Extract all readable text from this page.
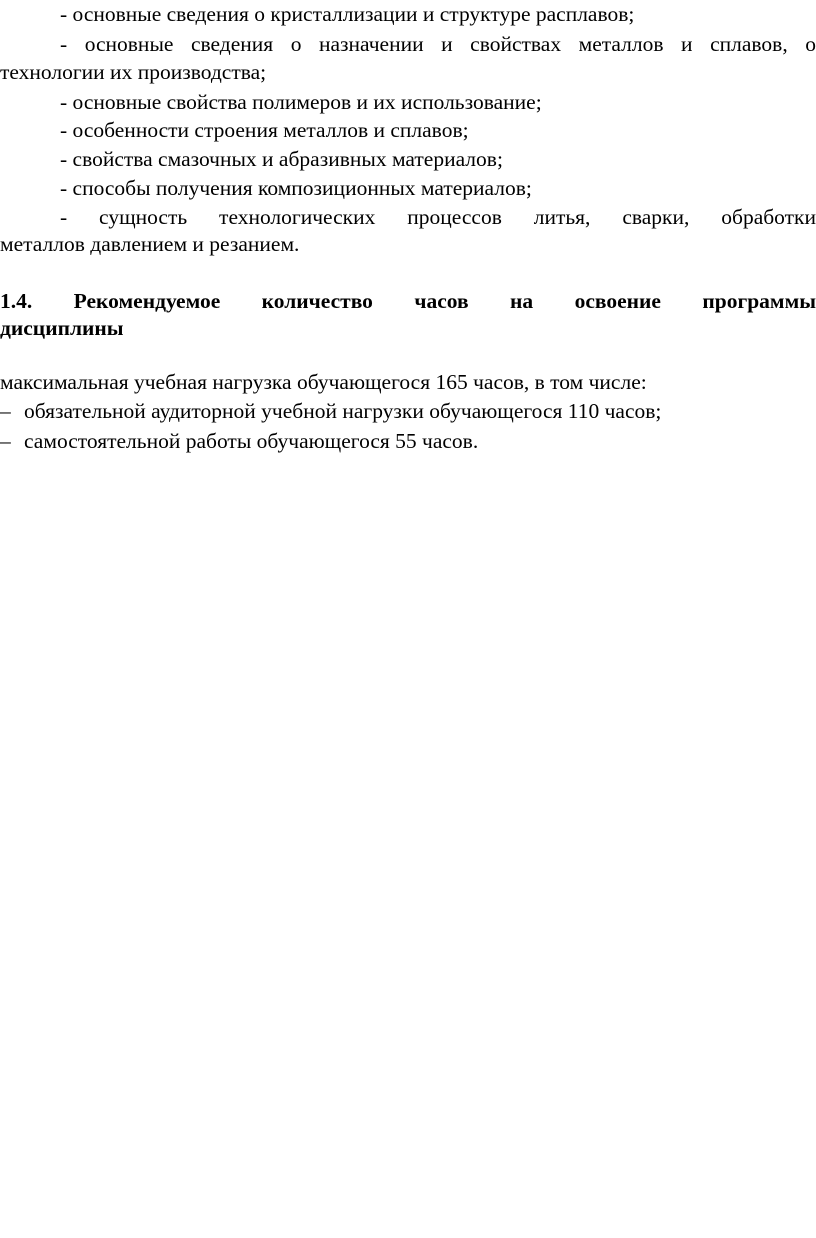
- основные сведения о кристаллизации и структуре расплавов;
- основные сведения о назначении и свойствах металлов и сплавов, о
технологии их производства;
- основные свойства полимеров и их использование;
- особенности строения металлов и сплавов;
- свойства смазочных и абразивных материалов;
- способы получения композиционных материалов;
- сущность технологических процессов литья, сварки, обработки
металлов давлением и резанием.
1.4. Рекомендуемое количество часов на освоение программы
дисциплины
максимальная учебная нагрузка обучающегося 165 часов, в том числе:
– обязательной аудиторной учебной нагрузки обучающегося 110 часов;
– самостоятельной работы обучающегося 55 часов.
